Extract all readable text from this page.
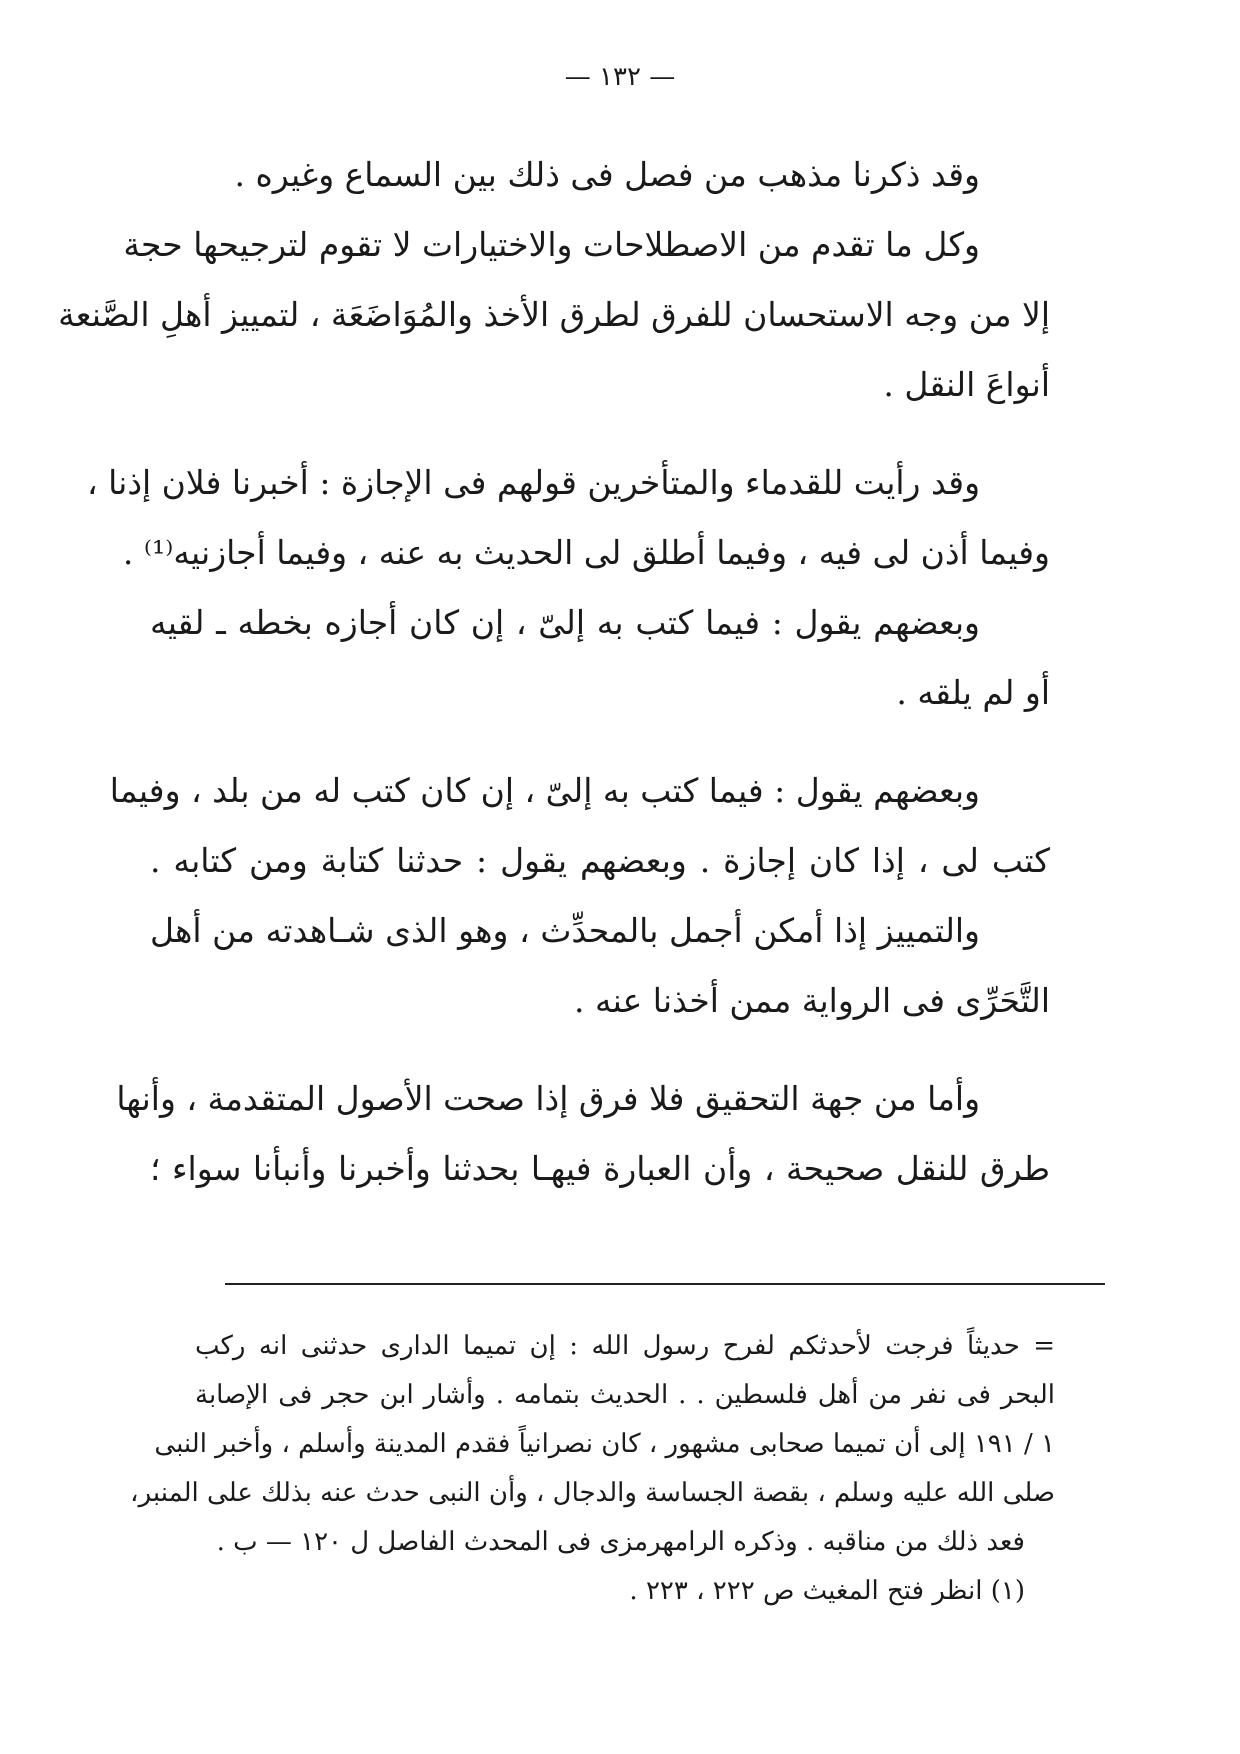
— ١٣٢ —
وقد ذكرنا مذهب من فصل فى ذلك بين السماع وغيره .
وكل ما تقدم من الاصطلاحات والاختيارات لا تقوم لترجيحها حجة
إلا من وجه الاستحسان للفرق لطرق الأخذ والمُوَاضَعَة ، لتمييز أهلِ الصَّنعة
أنواعَ النقل .
وقد رأيت للقدماء والمتأخرين قولهم فى الإجازة : أخبرنا فلان إذنا ،
وفيما أذن لى فيه ، وفيما أطلق لى الحديث به عنه ، وفيما أجازنيه⁽¹⁾ .
وبعضهم يقول : فيما كتب به إلىّ ، إن كان أجازه بخطه ـ لقيه
أو لم يلقه .
وبعضهم يقول : فيما كتب به إلىّ ، إن كان كتب له من بلد ، وفيما
كتب لى ، إذا كان إجازة . وبعضهم يقول : حدثنا كتابة ومن كتابه .
والتمييز إذا أمكن أجمل بالمحدِّث ، وهو الذى شـاهدته من أهل
التَّحَرِّى فى الرواية ممن أخذنا عنه .
وأما من جهة التحقيق فلا فرق إذا صحت الأصول المتقدمة ، وأنها
طرق للنقل صحيحة ، وأن العبارة فيهـا بحدثنا وأخبرنا وأنبأنا سواء ؛
= حديثاً فرجت لأحدثكم لفرح رسول الله : إن تميما الدارى حدثنى انه ركب
البحر فى نفر من أهل فلسطين . . الحديث بتمامه . وأشار ابن حجر فى الإصابة
١ / ١٩١ إلى أن تميما صحابى مشهور ، كان نصرانياً فقدم المدينة وأسلم ، وأخبر النبى
صلى الله عليه وسلم ، بقصة الجساسة والدجال ، وأن النبى حدث عنه بذلك على المنبر،
فعد ذلك من مناقبه . وذكره الرامهرمزى فى المحدث الفاصل ل ١٢٠ — ب .
(١) انظر فتح المغيث ص ٢٢٢ ، ٢٢٣ .
